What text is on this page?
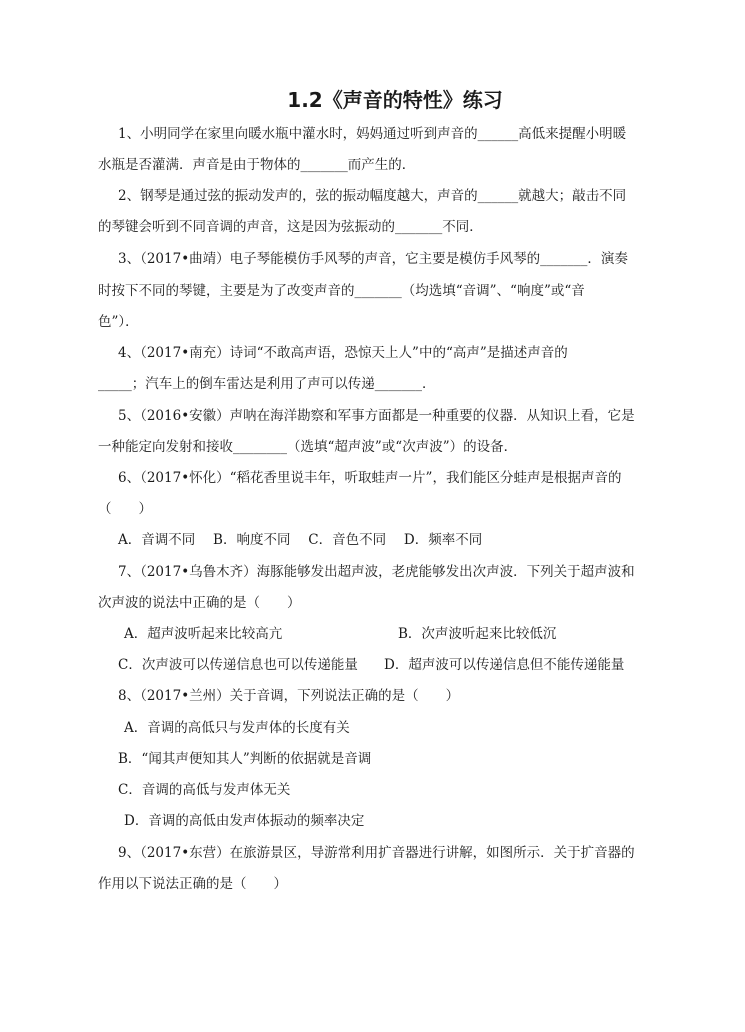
1.2《声音的特性》练习
1、小明同学在家里向暖水瓶中灌水时，妈妈通过听到声音的______高低来提醒小明暖
水瓶是否灌满．声音是由于物体的_______而产生的．
2、钢琴是通过弦的振动发声的，弦的振动幅度越大，声音的______就越大；敲击不同
的琴键会听到不同音调的声音，这是因为弦振动的_______不同．
3、（2017•曲靖）电子琴能模仿手风琴的声音，它主要是模仿手风琴的_______．演奏
时按下不同的琴键，主要是为了改变声音的_______（均选填“音调”、“响度”或“音
色”）．
4、（2017•南充）诗词“不敢高声语，恐惊天上人”中的“高声”是描述声音的
_____；汽车上的倒车雷达是利用了声可以传递_______．
5、（2016•安徽）声呐在海洋勘察和军事方面都是一种重要的仪器．从知识上看，它是
一种能定向发射和接收________（选填“超声波”或“次声波”）的设备．
6、（2017•怀化）“稻花香里说丰年，听取蛙声一片”，我们能区分蛙声是根据声音的
（　　）
A．音调不同　 B．响度不同　 C．音色不同　 D．频率不同
7、（2017•乌鲁木齐）海豚能够发出超声波，老虎能够发出次声波．下列关于超声波和
次声波的说法中正确的是（　　）
A．超声波听起来比较高亢	B．次声波听起来比较低沉
C．次声波可以传递信息也可以传递能量 D．超声波可以传递信息但不能传递能量
8、（2017•兰州）关于音调，下列说法正确的是（　　）
A．音调的高低只与发声体的长度有关
B．“闻其声便知其人”判断的依据就是音调
C．音调的高低与发声体无关
D．音调的高低由发声体振动的频率决定
9、（2017•东营）在旅游景区，导游常利用扩音器进行讲解，如图所示．关于扩音器的
作用以下说法正确的是（　　）
